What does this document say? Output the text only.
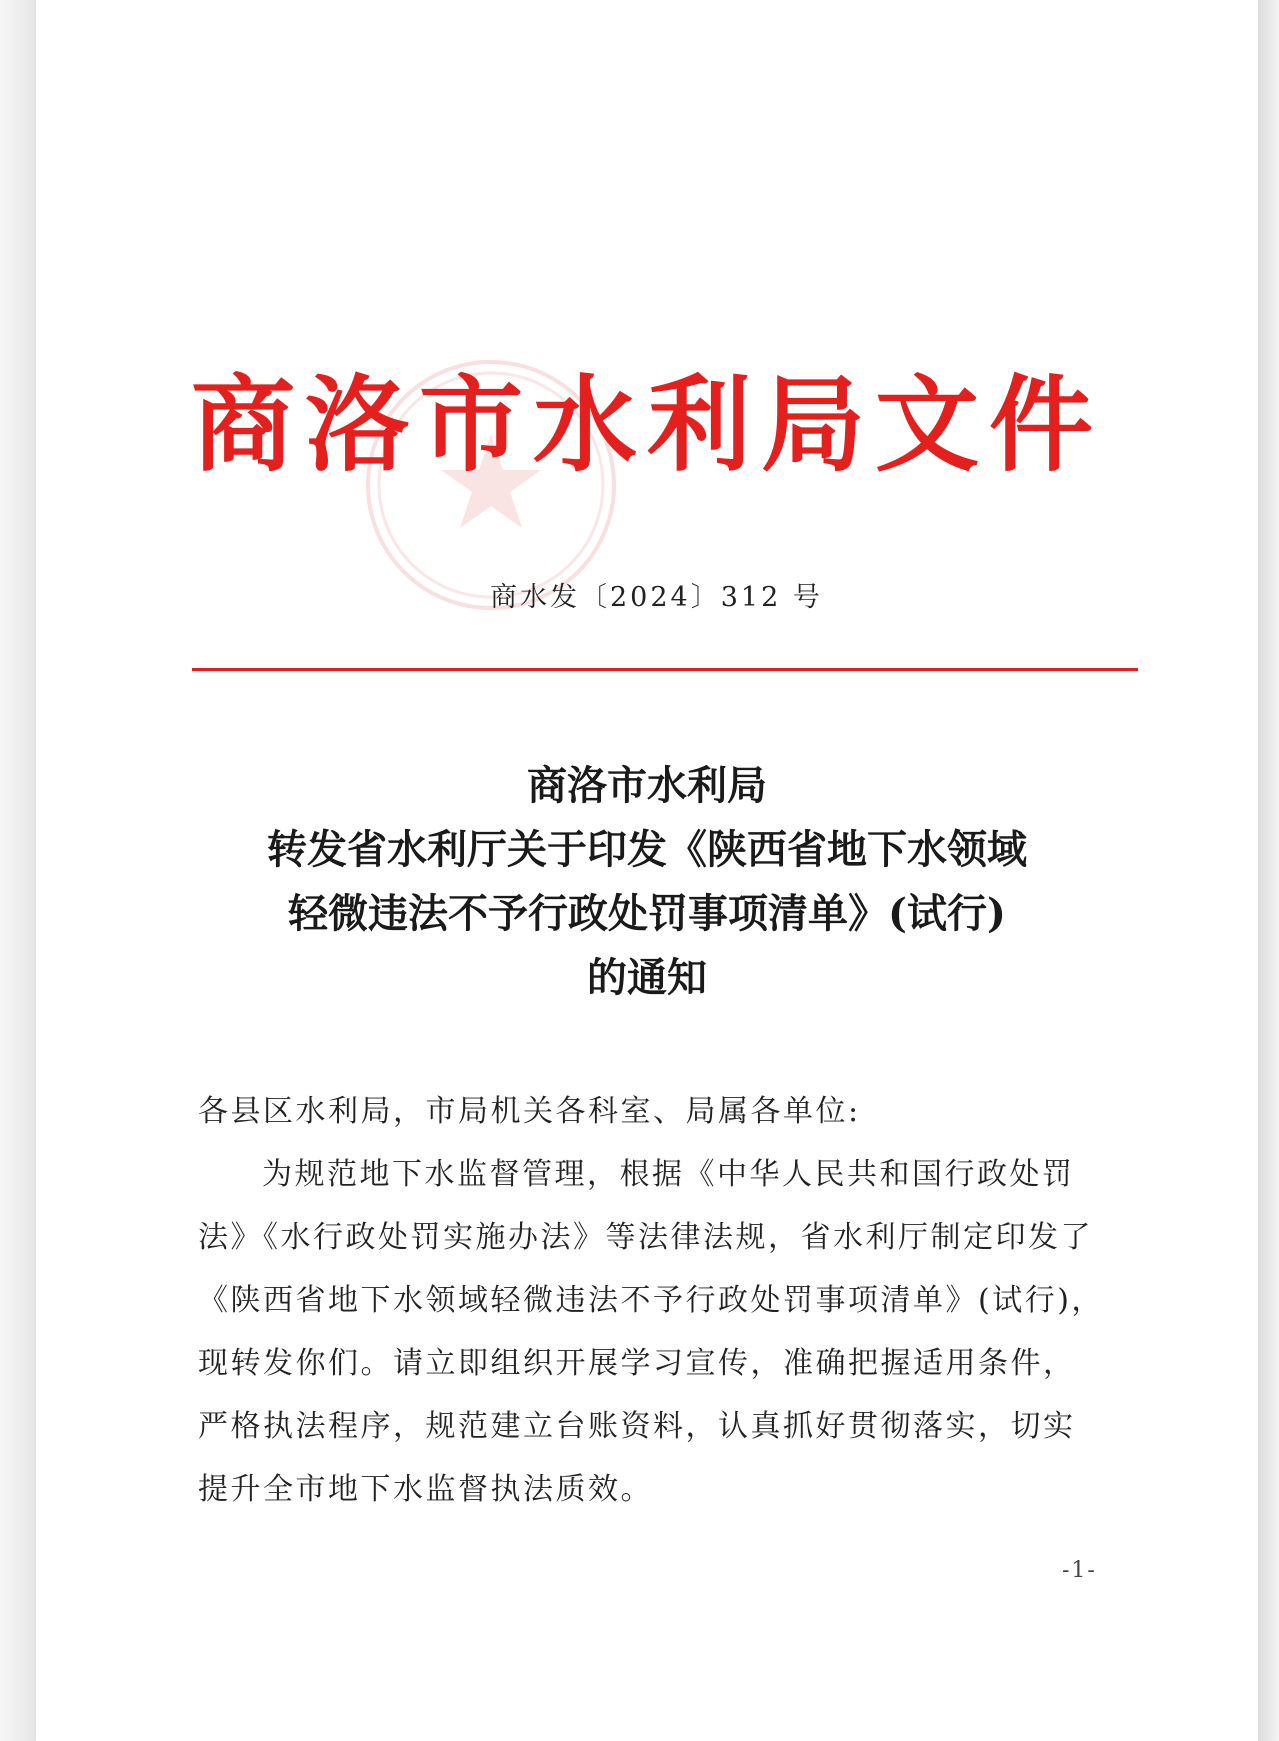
商洛市水利局文件
商水发〔2024〕312 号
商洛市水利局
转发省水利厅关于印发《陕西省地下水领域
轻微违法不予行政处罚事项清单》(试行)
的通知
各县区水利局，市局机关各科室、局属各单位:
为规范地下水监督管理，根据《中华人民共和国行政处罚
法》《水行政处罚实施办法》等法律法规，省水利厅制定印发了
《陕西省地下水领域轻微违法不予行政处罚事项清单》(试行)，
现转发你们。请立即组织开展学习宣传，准确把握适用条件，
严格执法程序，规范建立台账资料，认真抓好贯彻落实，切实
提升全市地下水监督执法质效。
-1-
